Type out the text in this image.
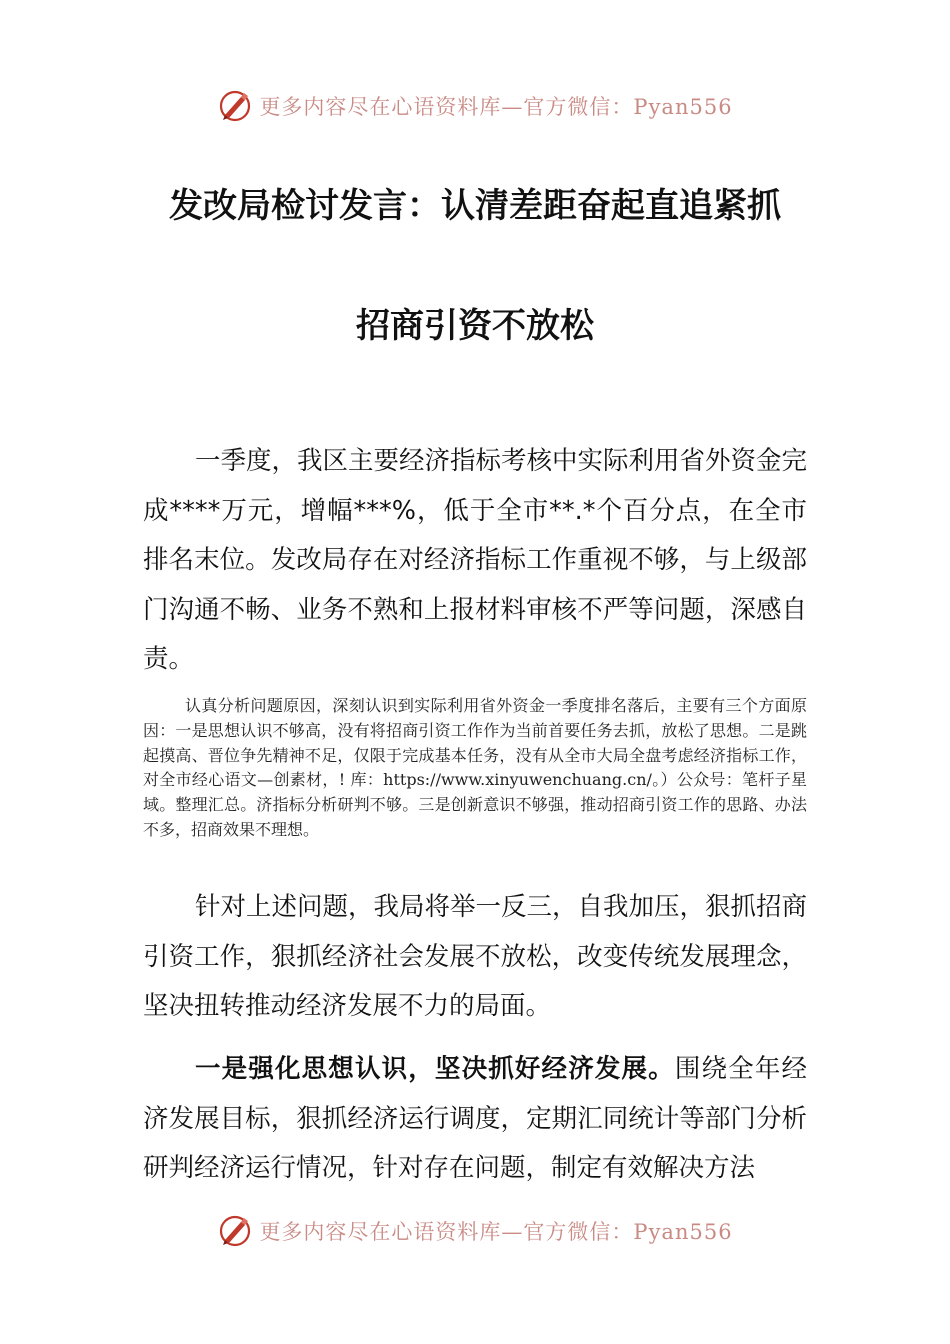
更多内容尽在心语资料库—官方微信：Pyan556
发改局检讨发言：认清差距奋起直追紧抓
招商引资不放松

一季度，我区主要经济指标考核中实际利用省外资金完成****万元，增幅***%，低于全市**.*个百分点，在全市排名末位。发改局存在对经济指标工作重视不够，与上级部门沟通不畅、业务不熟和上报材料审核不严等问题，深感自责。

认真分析问题原因，深刻认识到实际利用省外资金一季度排名落后，主要有三个方面原因：一是思想认识不够高，没有将招商引资工作作为当前首要任务去抓，放松了思想。二是跳起摸高、晋位争先精神不足，仅限于完成基本任务，没有从全市大局全盘考虑经济指标工作，对全市经心语文—创素材，! 库：https://www.xinyuwenchuang.cn/。）公众号：笔杆子星域。整理汇总。济指标分析研判不够。三是创新意识不够强，推动招商引资工作的思路、办法不多，招商效果不理想。

针对上述问题，我局将举一反三，自我加压，狠抓招商引资工作，狠抓经济社会发展不放松，改变传统发展理念，坚决扭转推动经济发展不力的局面。

一是强化思想认识，坚决抓好经济发展。围绕全年经济发展目标，狠抓经济运行调度，定期汇同统计等部门分析研判经济运行情况，针对存在问题，制定有效解决方法

更多内容尽在心语资料库—官方微信：Pyan556
